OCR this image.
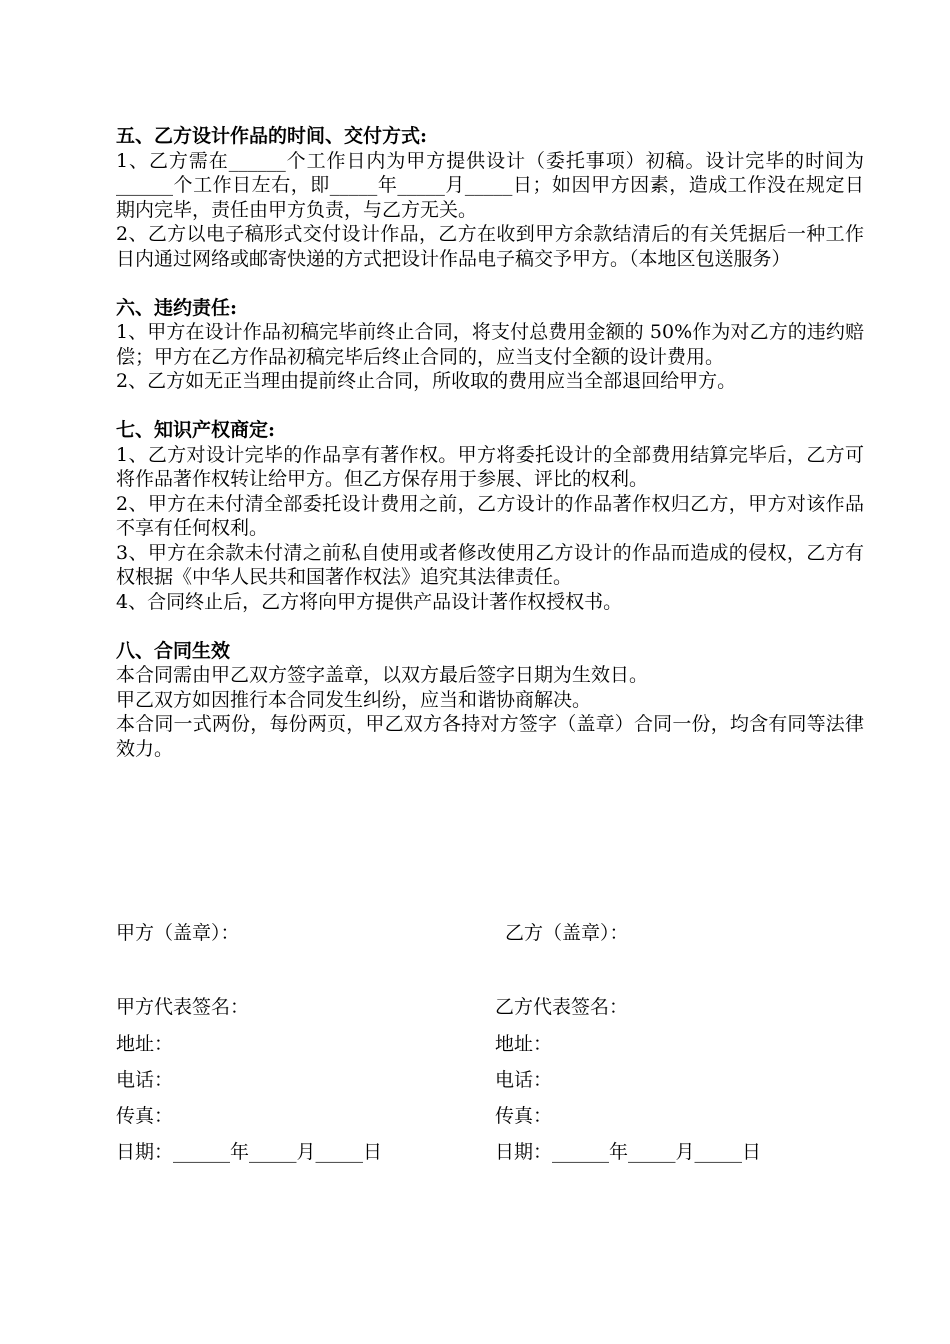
五、乙方设计作品的时间、交付方式:

1、乙方需在______个工作日内为甲方提供设计（委托事项）初稿。设计完毕的时间为______个工作日左右，即_____年_____月_____日；如因甲方因素，造成工作没在规定日期内完毕，责任由甲方负责，与乙方无关。

2、乙方以电子稿形式交付设计作品，乙方在收到甲方余款结清后的有关凭据后一种工作日内通过网络或邮寄快递的方式把设计作品电子稿交予甲方。（本地区包送服务）

六、违约责任:

1、甲方在设计作品初稿完毕前终止合同，将支付总费用金额的 50%作为对乙方的违约赔偿；甲方在乙方作品初稿完毕后终止合同的，应当支付全额的设计费用。

2、乙方如无正当理由提前终止合同，所收取的费用应当全部退回给甲方。

七、知识产权商定:

1、乙方对设计完毕的作品享有著作权。甲方将委托设计的全部费用结算完毕后，乙方可将作品著作权转让给甲方。但乙方保存用于参展、评比的权利。

2、甲方在未付清全部委托设计费用之前，乙方设计的作品著作权归乙方，甲方对该作品不享有任何权利。

3、甲方在余款未付清之前私自使用或者修改使用乙方设计的作品而造成的侵权，乙方有权根据《中华人民共和国著作权法》追究其法律责任。

4、合同终止后，乙方将向甲方提供产品设计著作权授权书。

八、合同生效

本合同需由甲乙双方签字盖章，以双方最后签字日期为生效日。

甲乙双方如因推行本合同发生纠纷，应当和谐协商解决。

本合同一式两份，每份两页，甲乙双方各持对方签字（盖章）合同一份，均含有同等法律效力。

甲方（盖章）：	乙方（盖章）：
甲方代表签名：	乙方代表签名：
地址：	地址：
电话：	电话：
传真：	传真：
日期：______年_____月_____日	日期：______年_____月_____日
